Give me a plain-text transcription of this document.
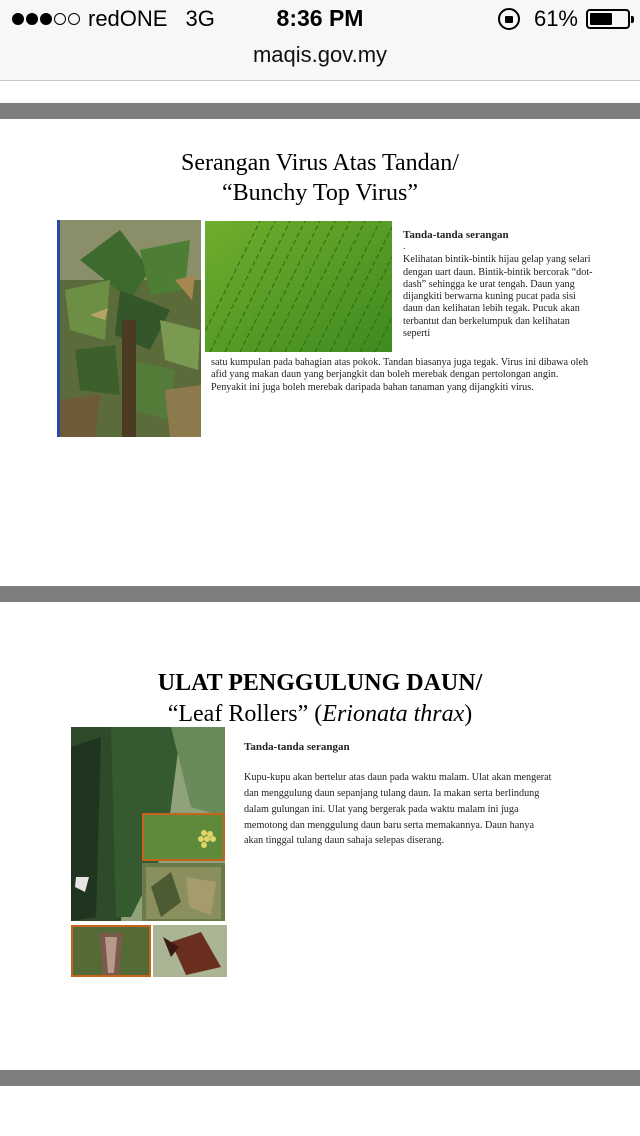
redONE 3G	8:36 PM	61%
maqis.gov.my
Serangan Virus Atas Tandan/
“Bunchy Top Virus”
Tanda-tanda serangan
.
Kelihatan bintik-bintik hijau gelap yang selari dengan uart daun. Bintik-bintik bercorak “dot-dash” sehingga ke urat tengah. Daun yang dijangkiti berwarna kuning pucat pada sisi daun dan kelihatan lebih tegak. Pucuk akan terbantut dan berkelumpuk dan kelihatan seperti
satu kumpulan pada bahagian atas pokok. Tandan biasanya juga tegak. Virus ini dibawa oleh afid yang makan daun yang berjangkit dan boleh merebak dengan pertolongan angin. Penyakit ini juga boleh merebak daripada bahan tanaman yang dijangkiti virus.
ULAT PENGGULUNG DAUN/
“Leaf Rollers” (Erionata thrax)
Tanda-tanda serangan
Kupu-kupu akan bertelur atas daun pada waktu malam. Ulat akan mengerat dan menggulung daun sepanjang tulang daun. Ia makan serta berlindung dalam gulungan ini. Ulat yang bergerak pada waktu malam ini juga memotong dan menggulung daun baru serta memakannya. Daun hanya akan tinggal tulang daun sahaja selepas diserang.
